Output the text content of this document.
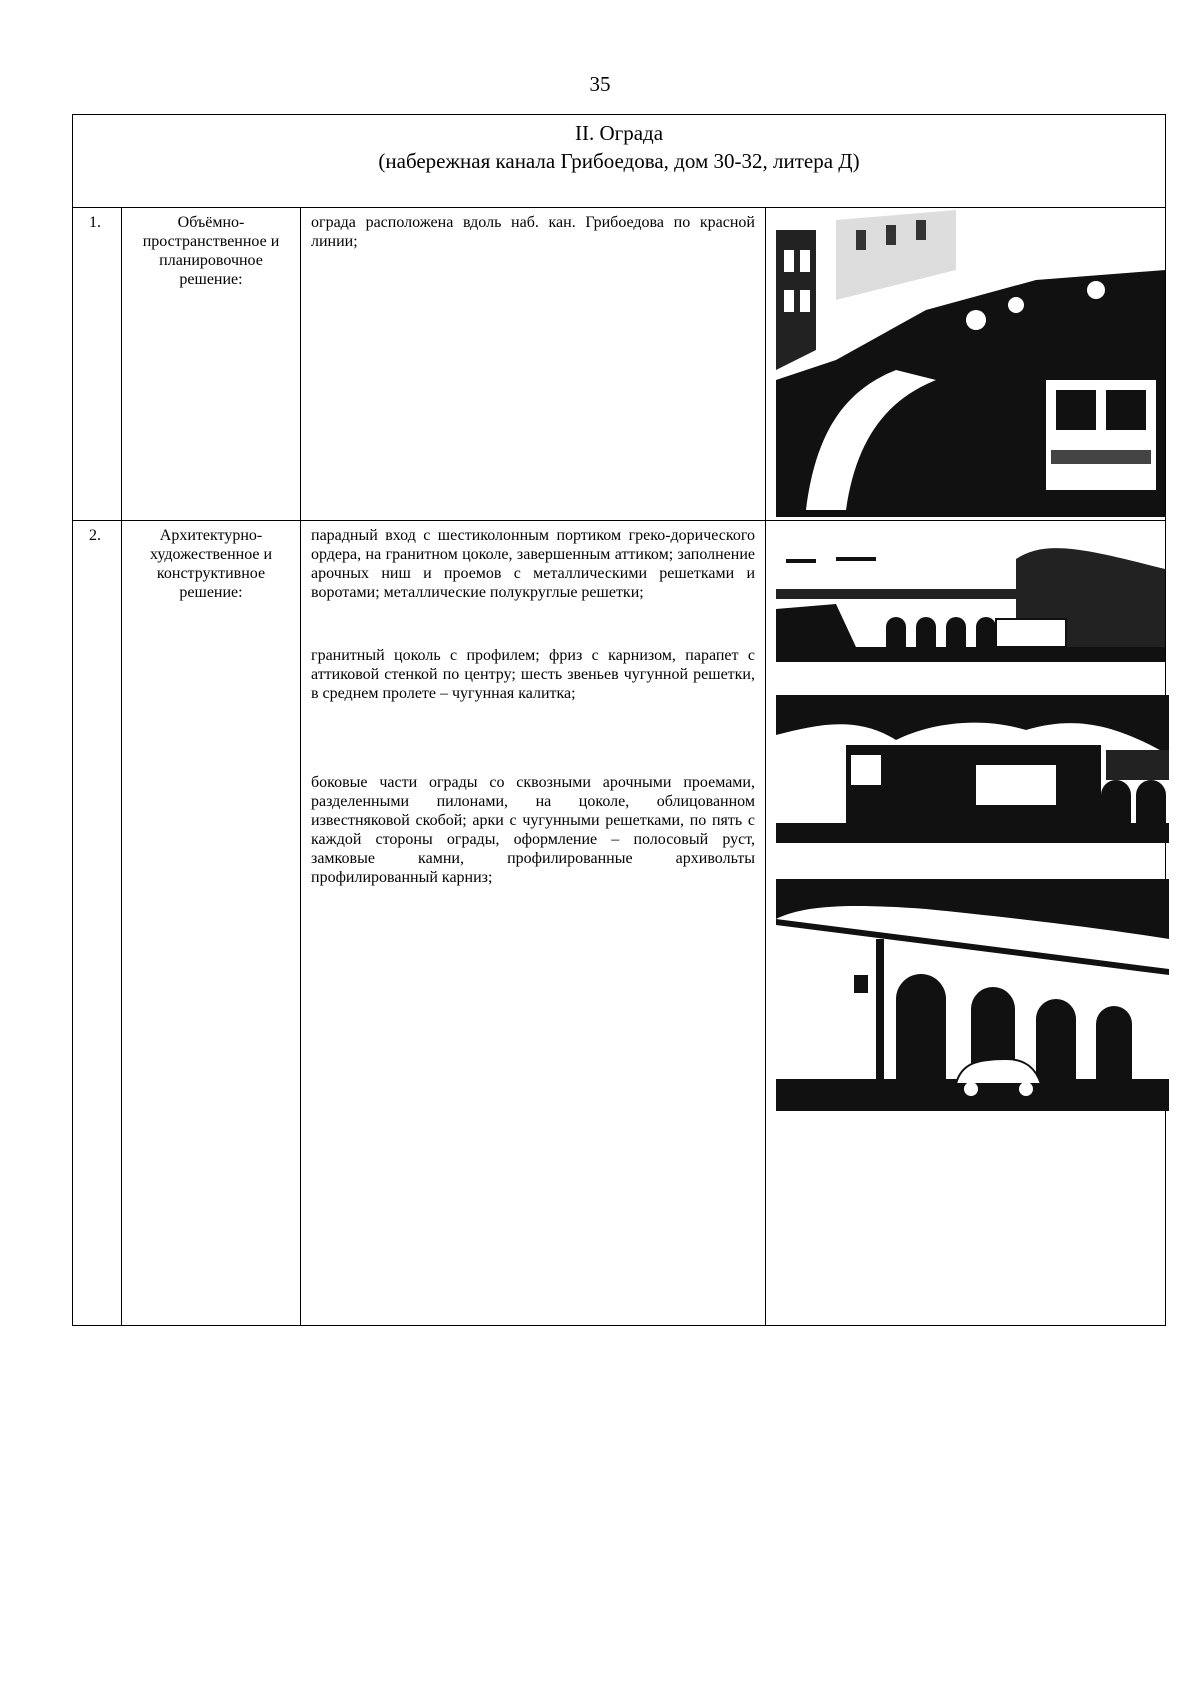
35
II. Ограда
(набережная канала Грибоедова, дом 30-32, литера Д)			

1.	Объёмно-пространственное и планировочное решение:	ограда расположена вдоль наб. кан. Грибоедова по красной линии;

2.	Архитектурно-художественное и конструктивное решение:	парадный вход с шестиколонным портиком греко-дорического ордера, на гранитном цоколе, завершенным аттиком; заполнение арочных ниш и проемов с металлическими решетками и воротами; металлические полукруглые решетки;

гранитный цоколь с профилем; фриз с карнизом, парапет с аттиковой стенкой по центру; шесть звеньев чугунной решетки, в среднем пролете – чугунная калитка;

боковые части ограды со сквозными арочными проемами, разделенными пилонами, на цоколе, облицованном известняковой скобой; арки с чугунными решетками, по пять с каждой стороны ограды, оформление – полосовый руст, замковые камни, профилированные архивольты профилированный карниз;
